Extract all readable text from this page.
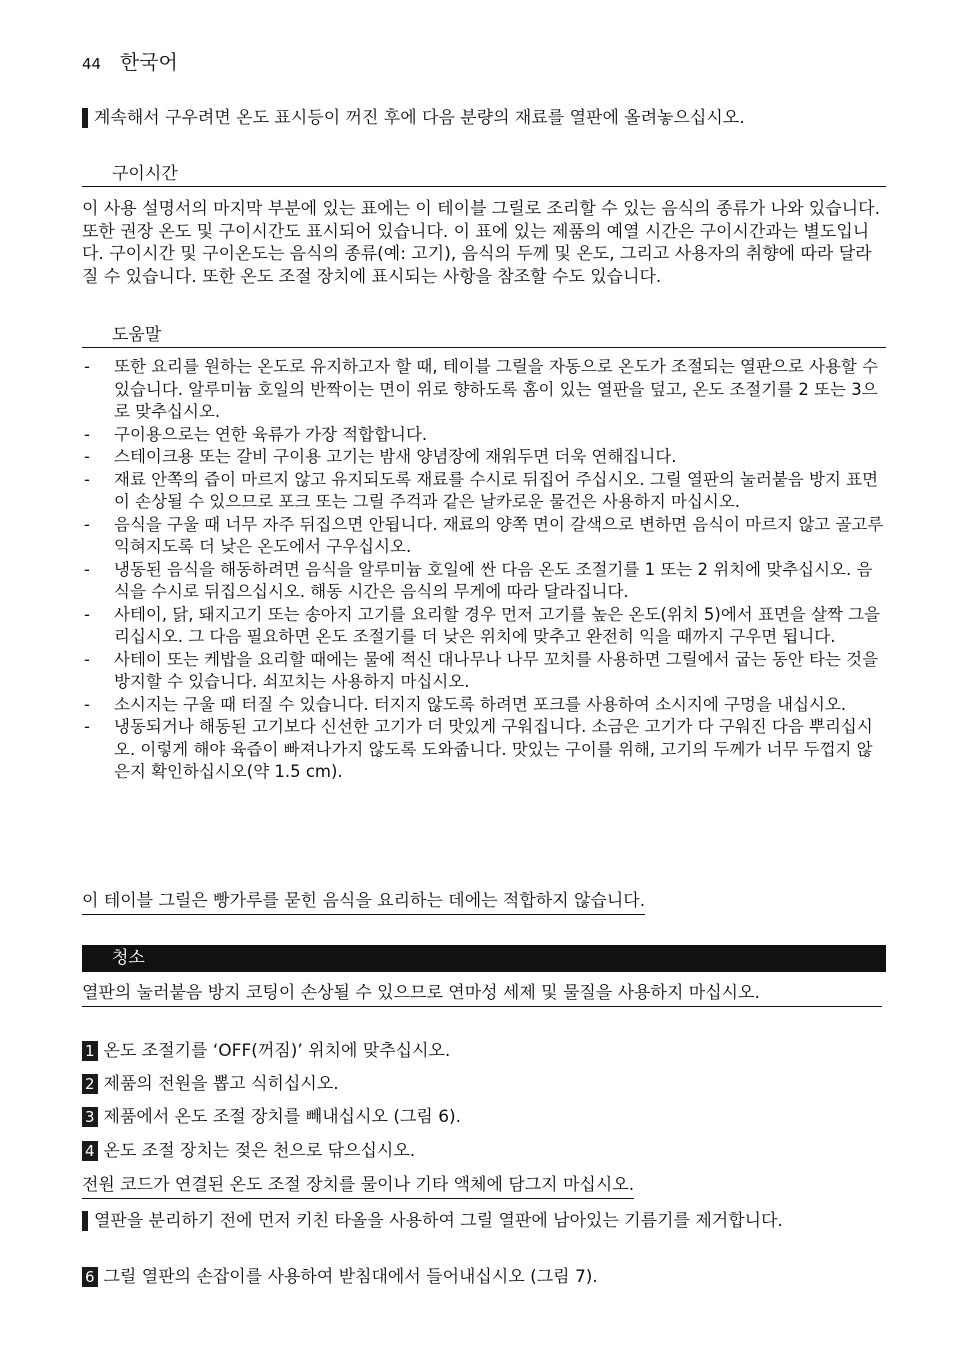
44 한국어
10 계속해서 구우려면 온도 표시등이 꺼진 후에 다음 분량의 재료를 열판에 올려놓으십시오.
구이시간
이 사용 설명서의 마지막 부분에 있는 표에는 이 테이블 그릴로 조리할 수 있는 음식의 종류가 나와 있습니다. 또한 권장 온도 및 구이시간도 표시되어 있습니다. 이 표에 있는 제품의 예열 시간은 구이시간과는 별도입니다. 구이시간 및 구이온도는 음식의 종류(예: 고기), 음식의 두께 및 온도, 그리고 사용자의 취향에 따라 달라질 수 있습니다. 또한 온도 조절 장치에 표시되는 사항을 참조할 수도 있습니다.
도움말
- 또한 요리를 원하는 온도로 유지하고자 할 때, 테이블 그릴을 자동으로 온도가 조절되는 열판으로 사용할 수 있습니다. 알루미늄 호일의 반짝이는 면이 위로 향하도록 홈이 있는 열판을 덮고, 온도 조절기를 2 또는 3으로 맞추십시오.
- 구이용으로는 연한 육류가 가장 적합합니다.
- 스테이크용 또는 갈비 구이용 고기는 밤새 양념장에 재워두면 더욱 연해집니다.
- 재료 안쪽의 즙이 마르지 않고 유지되도록 재료를 수시로 뒤집어 주십시오. 그릴 열판의 눌러붙음 방지 표면이 손상될 수 있으므로 포크 또는 그릴 주걱과 같은 날카로운 물건은 사용하지 마십시오.
- 음식을 구울 때 너무 자주 뒤집으면 안됩니다. 재료의 양쪽 면이 갈색으로 변하면 음식이 마르지 않고 골고루 익혀지도록 더 낮은 온도에서 구우십시오.
- 냉동된 음식을 해동하려면 음식을 알루미늄 호일에 싼 다음 온도 조절기를 1 또는 2 위치에 맞추십시오. 음식을 수시로 뒤집으십시오. 해동 시간은 음식의 무게에 따라 달라집니다.
- 사테이, 닭, 돼지고기 또는 송아지 고기를 요리할 경우 먼저 고기를 높은 온도(위치 5)에서 표면을 살짝 그을리십시오. 그 다음 필요하면 온도 조절기를 더 낮은 위치에 맞추고 완전히 익을 때까지 구우면 됩니다.
- 사테이 또는 케밥을 요리할 때에는 물에 적신 대나무나 나무 꼬치를 사용하면 그릴에서 굽는 동안 타는 것을 방지할 수 있습니다. 쇠꼬치는 사용하지 마십시오.
- 소시지는 구울 때 터질 수 있습니다. 터지지 않도록 하려면 포크를 사용하여 소시지에 구멍을 내십시오.
- 냉동되거나 해동된 고기보다 신선한 고기가 더 맛있게 구워집니다. 소금은 고기가 다 구워진 다음 뿌리십시오. 이렇게 해야 육즙이 빠져나가지 않도록 도와줍니다. 맛있는 구이를 위해, 고기의 두께가 너무 두껍지 않은지 확인하십시오(약 1.5 cm).
이 테이블 그릴은 빵가루를 묻힌 음식을 요리하는 데에는 적합하지 않습니다.
청소
열판의 눌러붙음 방지 코팅이 손상될 수 있으므로 연마성 세제 및 물질을 사용하지 마십시오.
1 온도 조절기를 ‘OFF(꺼짐)’ 위치에 맞추십시오.
2 제품의 전원을 뽑고 식히십시오.
3 제품에서 온도 조절 장치를 빼내십시오 (그림 6).
4 온도 조절 장치는 젖은 천으로 닦으십시오.
전원 코드가 연결된 온도 조절 장치를 물이나 기타 액체에 담그지 마십시오.
5 열판을 분리하기 전에 먼저 키친 타올을 사용하여 그릴 열판에 남아있는 기름기를 제거합니다.
6 그릴 열판의 손잡이를 사용하여 받침대에서 들어내십시오 (그림 7).
